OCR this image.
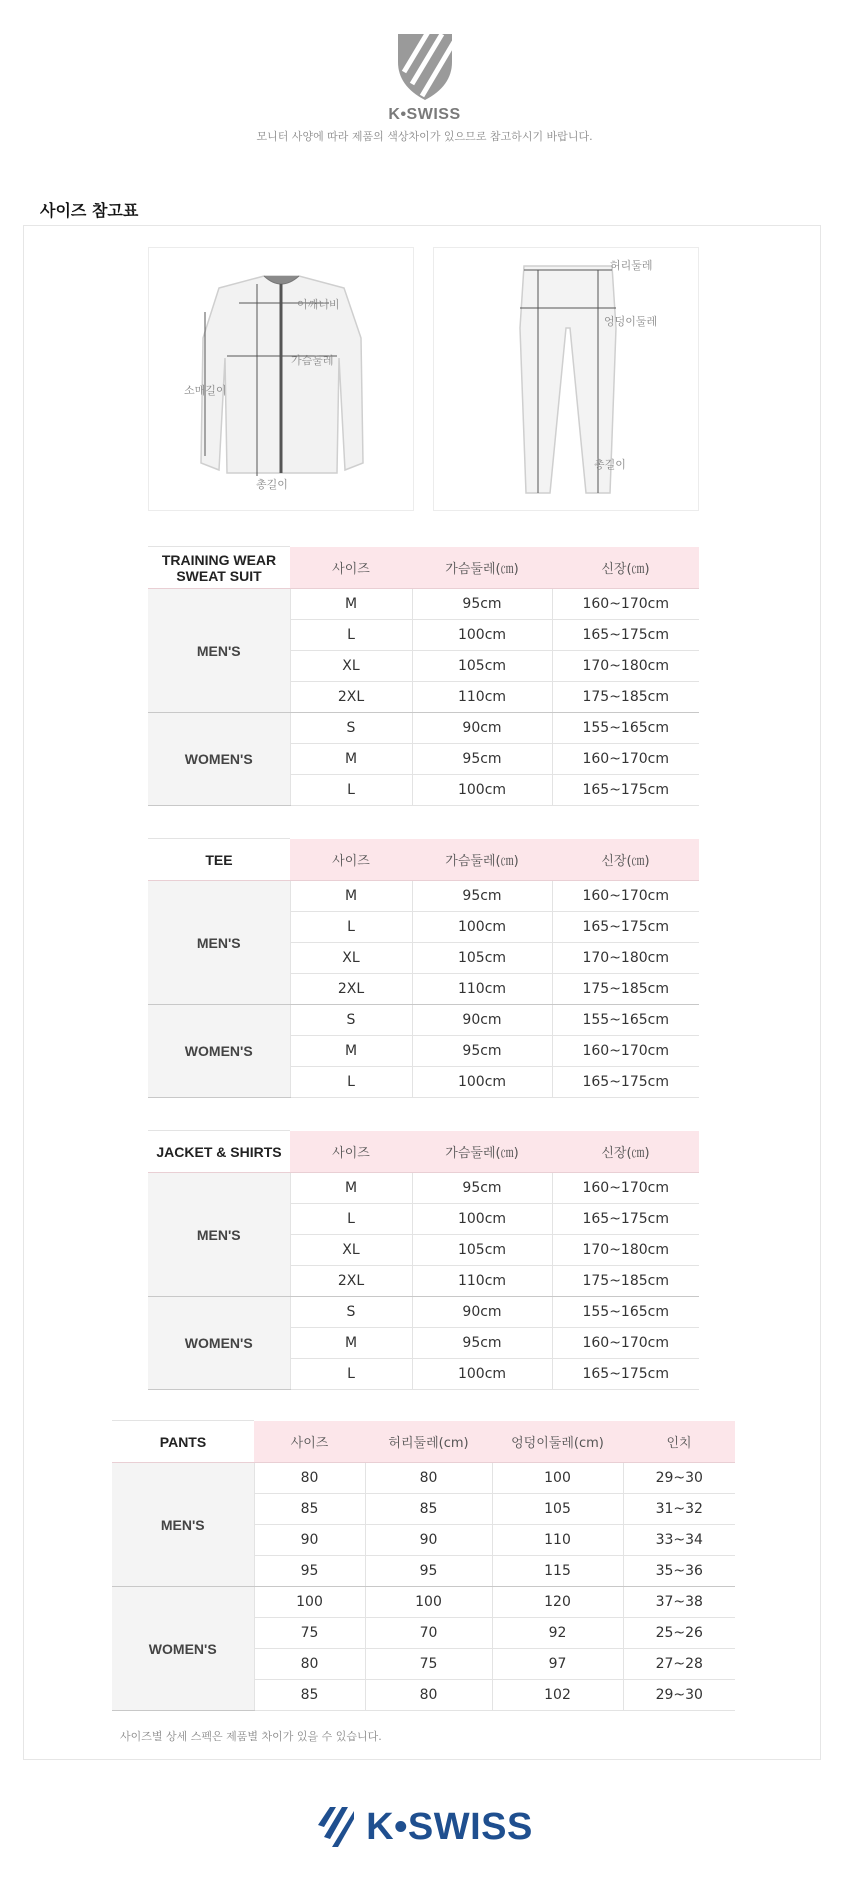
K•SWISS
모니터 사양에 따라 제품의 색상차이가 있으므로 참고하시기 바랍니다.
사이즈 참고표
어깨너비
가슴둘레
소매길이
총길이
허리둘레
엉덩이둘레
총길이
TRAINING WEAR
SWEAT SUIT	사이즈	가슴둘레(㎝)	신장(㎝)
MEN'S	M	95cm	160~170cm
	L	100cm	165~175cm
	XL	105cm	170~180cm
	2XL	110cm	175~185cm
WOMEN'S	S	90cm	155~165cm
	M	95cm	160~170cm
	L	100cm	165~175cm
TEE	사이즈	가슴둘레(㎝)	신장(㎝)
MEN'S	M	95cm	160~170cm
	L	100cm	165~175cm
	XL	105cm	170~180cm
	2XL	110cm	175~185cm
WOMEN'S	S	90cm	155~165cm
	M	95cm	160~170cm
	L	100cm	165~175cm
JACKET & SHIRTS	사이즈	가슴둘레(㎝)	신장(㎝)
MEN'S	M	95cm	160~170cm
	L	100cm	165~175cm
	XL	105cm	170~180cm
	2XL	110cm	175~185cm
WOMEN'S	S	90cm	155~165cm
	M	95cm	160~170cm
	L	100cm	165~175cm
PANTS	사이즈	허리둘레(cm)	엉덩이둘레(cm)	인치
MEN'S	80	80	100	29~30
	85	85	105	31~32
	90	90	110	33~34
	95	95	115	35~36
WOMEN'S	100	100	120	37~38
	75	70	92	25~26
	80	75	97	27~28
	85	80	102	29~30
사이즈별 상세 스펙은 제품별 차이가 있을 수 있습니다.
K•SWISS
